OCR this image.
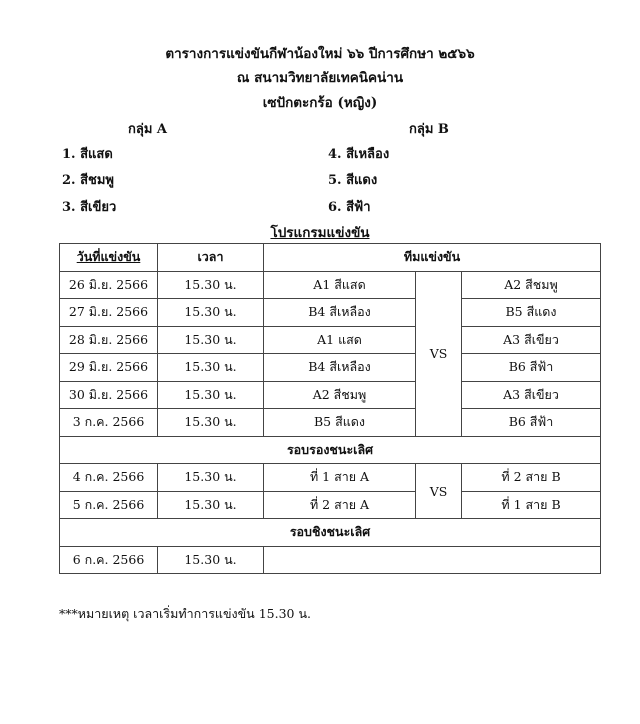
ตารางการแข่งขันกีฬาน้องใหม่ ๖๖ ปีการศึกษา ๒๕๖๖
ณ สนามวิทยาลัยเทคนิคน่าน
เซปักตะกร้อ (หญิง)
กลุ่ม A	กลุ่ม B
1. สีแสด
2. สีชมพู
3. สีเขียว
4. สีเหลือง
5. สีแดง
6. สีฟ้า
โปรแกรมแข่งขัน
วันที่แข่งขัน	เวลา	ทีมแข่งขัน		
26 มิ.ย. 2566	15.30 น.	A1 สีแสด	VS	A2 สีชมพู
27 มิ.ย. 2566	15.30 น.	B4 สีเหลือง		B5 สีแดง
28 มิ.ย. 2566	15.30 น.	A1 แสด		A3 สีเขียว
29 มิ.ย. 2566	15.30 น.	B4 สีเหลือง		B6 สีฟ้า
30 มิ.ย. 2566	15.30 น.	A2 สีชมพู		A3 สีเขียว
3 ก.ค. 2566	15.30 น.	B5 สีแดง		B6 สีฟ้า
รอบรองชนะเลิศ				
4 ก.ค. 2566	15.30 น.	ที่ 1 สาย A	VS	ที่ 2 สาย B
5 ก.ค. 2566	15.30 น.	ที่ 2 สาย A		ที่ 1 สาย B
รอบชิงชนะเลิศ				
6 ก.ค. 2566	15.30 น.			
***หมายเหตุ เวลาเริ่มทำการแข่งขัน 15.30 น.
